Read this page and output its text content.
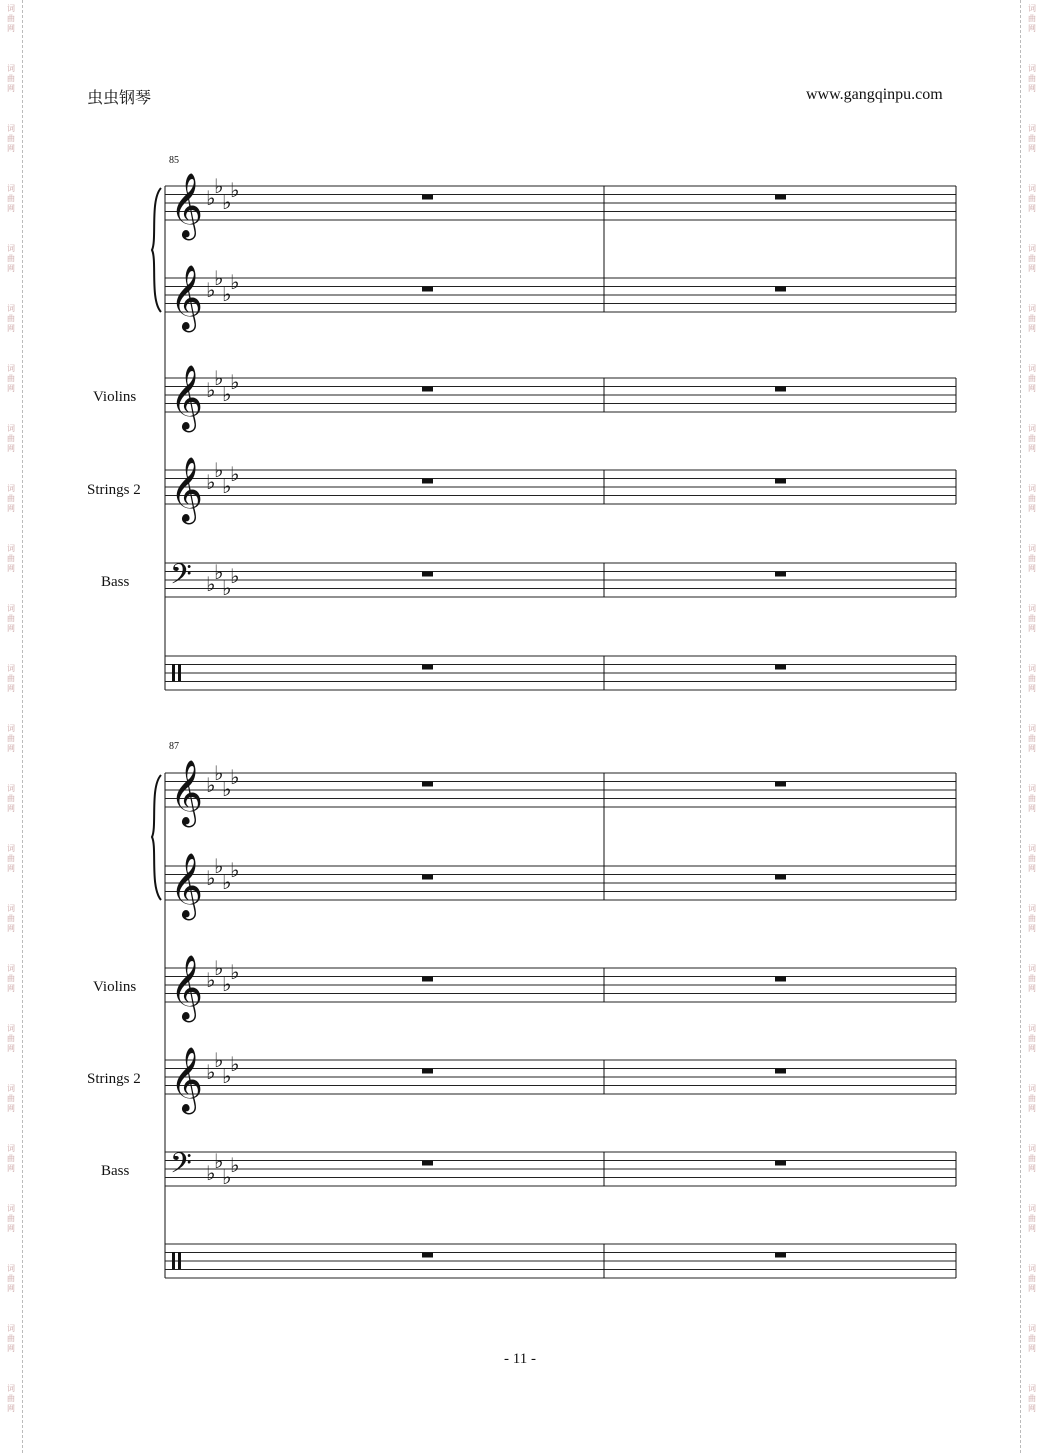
虫虫钢琴	www.gangqinpu.com
85
𝄞 ♭
♭
♭
♭
𝄞 ♭
♭
♭
♭
Violins 𝄞 ♭
♭
♭
♭
Strings 2 𝄞 ♭
♭
♭
♭
Bass 𝄢 ♭
♭
♭
♭
87
𝄞 ♭
♭
♭
♭
𝄞 ♭
♭
♭
♭
Violins 𝄞 ♭
♭
♭
♭
Strings 2 𝄞 ♭
♭
♭
♭
Bass 𝄢 ♭
♭
♭
♭
- 11 -
词
曲
网
词
曲
网
词
曲
网
词
曲
网
词
曲
网
词
曲
网
词
曲
网
词
曲
网
词
曲
网
词
曲
网
词
曲
网
词
曲
网
词
曲
网
词
曲
网
词
曲
网
词
曲
网
词
曲
网
词
曲
网
词
曲
网
词
曲
网
词
曲
网
词
曲
网
词
曲
网
词
曲
网
词
曲
网
词
曲
网
词
曲
网
词
曲
网
词
曲
网
词
曲
网
词
曲
网
词
曲
网
词
曲
网
词
曲
网
词
曲
网
词
曲
网
词
曲
网
词
曲
网
词
曲
网
词
曲
网
词
曲
网
词
曲
网
词
曲
网
词
曲
网
词
曲
网
词
曲
网
词
曲
网
词
曲
网
